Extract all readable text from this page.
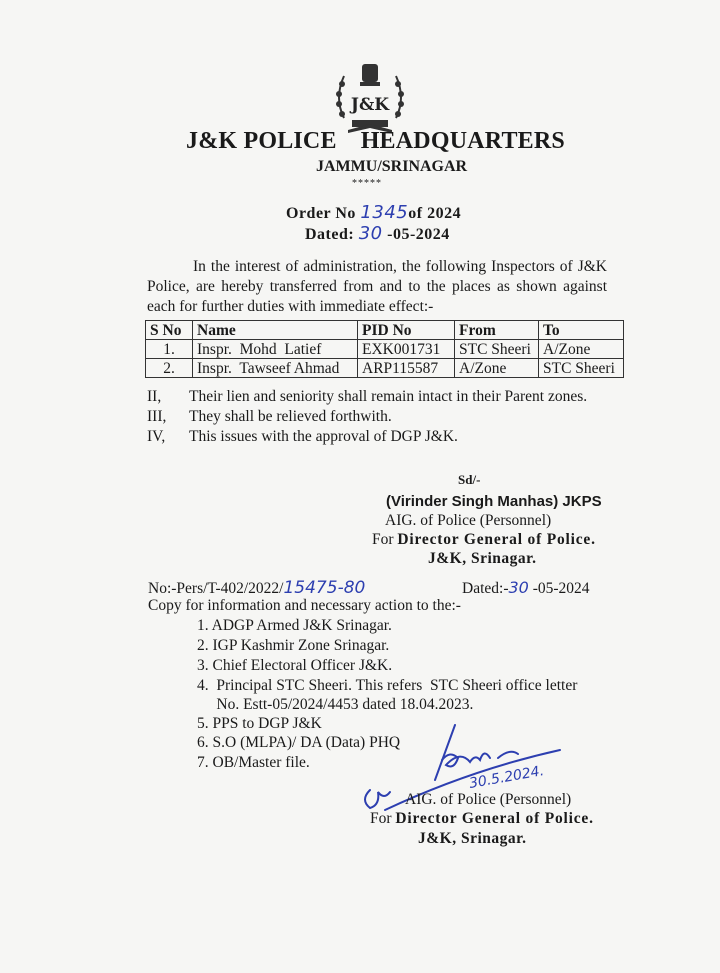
J&K
J&K POLICE HEADQUARTERS
JAMMU/SRINAGAR
*****
Order No 1345of 2024
Dated: 30 -05-2024
In the interest of administration, the following Inspectors of J&K Police, are hereby transferred from and to the places as shown against each for further duties with immediate effect:-
S No	Name	PID No	From	To
1.	Inspr.  Mohd  Latief	EXK001731	STC Sheeri	A/Zone
2.	Inspr.  Tawseef Ahmad	ARP115587	A/Zone	STC Sheeri
II, Their lien and seniority shall remain intact in their Parent zones.
III, They shall be relieved forthwith.
IV, This issues with the approval of DGP J&K.
Sd/-
(Virinder Singh Manhas) JKPS
AIG. of Police (Personnel)
For Director General of Police.
J&K, Srinagar.
No:-Pers/T-402/2022/15475-80	Dated:-30 -05-2024
Copy for information and necessary action to the:-
1. ADGP Armed J&K Srinagar.
2. IGP Kashmir Zone Srinagar.
3. Chief Electoral Officer J&K.
4.  Principal STC Sheeri. This refers  STC Sheeri office letter
No. Estt-05/2024/4453 dated 18.04.2023.
5. PPS to DGP J&K
6. S.O (MLPA)/ DA (Data) PHQ
7. OB/Master file.
30.5.2024.
AIG. of Police (Personnel)
For Director General of Police.
J&K, Srinagar.
